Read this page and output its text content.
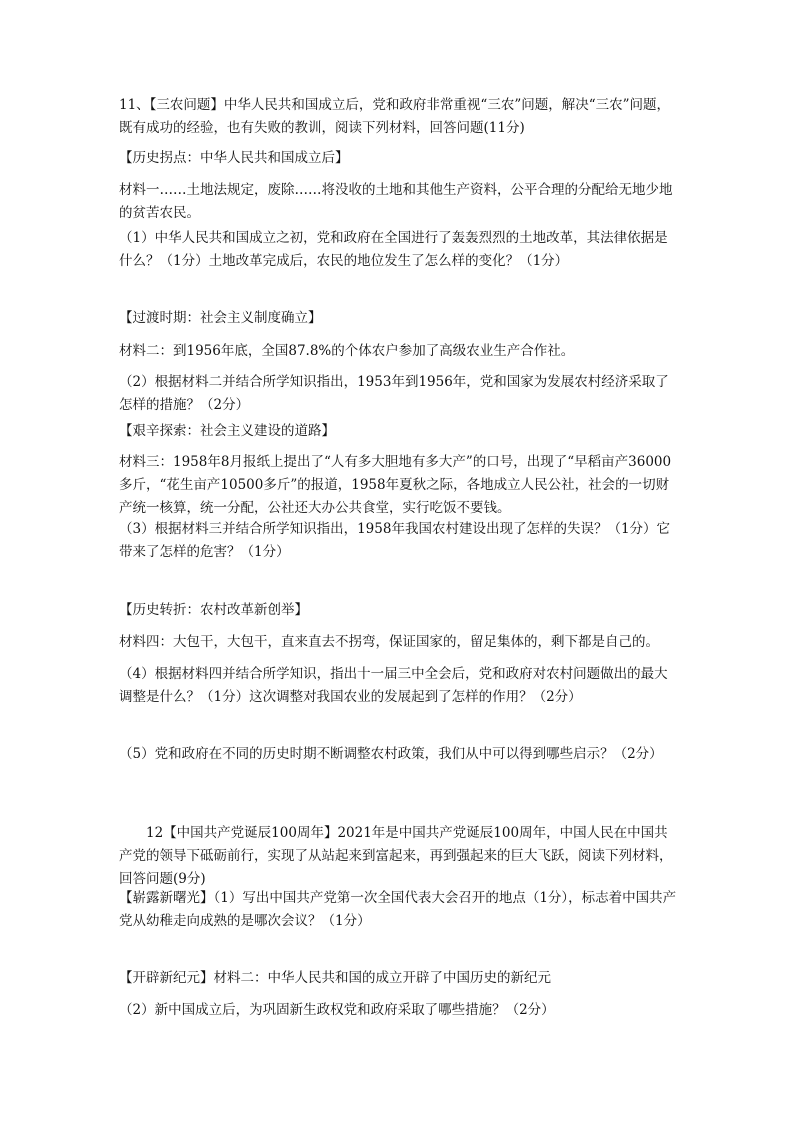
11、【三农问题】中华人民共和国成立后，党和政府非常重视“三农”问题，解决“三农”问题，既有成功的经验，也有失败的教训，阅读下列材料，回答问题(11分)

【历史拐点：中华人民共和国成立后】

材料一……土地法规定，废除……将没收的土地和其他生产资料，公平合理的分配给无地少地的贫苦农民。

（1）中华人民共和国成立之初，党和政府在全国进行了轰轰烈烈的土地改革，其法律依据是什么？（1分）土地改革完成后，农民的地位发生了怎么样的变化？（1分）

【过渡时期：社会主义制度确立】

材料二：到1956年底，全国87.8%的个体农户参加了高级农业生产合作社。

（2）根据材料二并结合所学知识指出，1953年到1956年，党和国家为发展农村经济采取了怎样的措施？（2分）

【艰辛探索：社会主义建设的道路】

材料三：1958年8月报纸上提出了“人有多大胆地有多大产”的口号，出现了“早稻亩产36000多斤，“花生亩产10500多斤”的报道，1958年夏秋之际，各地成立人民公社，社会的一切财产统一核算，统一分配，公社还大办公共食堂，实行吃饭不要钱。

（3）根据材料三并结合所学知识指出，1958年我国农村建设出现了怎样的失误？（1分）它带来了怎样的危害？（1分）

【历史转折：农村改革新创举】

材料四：大包干，大包干，直来直去不拐弯，保证国家的，留足集体的，剩下都是自己的。

（4）根据材料四并结合所学知识，指出十一届三中全会后，党和政府对农村问题做出的最大调整是什么？（1分）这次调整对我国农业的发展起到了怎样的作用？（2分）

（5）党和政府在不同的历史时期不断调整农村政策，我们从中可以得到哪些启示？（2分）

12【中国共产党诞辰100周年】2021年是中国共产党诞辰100周年，中国人民在中国共产党的领导下砥砺前行，实现了从站起来到富起来，再到强起来的巨大飞跃，阅读下列材料，回答问题(9分)

【崭露新曙光】（1）写出中国共产党第一次全国代表大会召开的地点（1分），标志着中国共产党从幼稚走向成熟的是哪次会议？（1分）

【开辟新纪元】材料二：中华人民共和国的成立开辟了中国历史的新纪元

（2）新中国成立后，为巩固新生政权党和政府采取了哪些措施？（2分）
